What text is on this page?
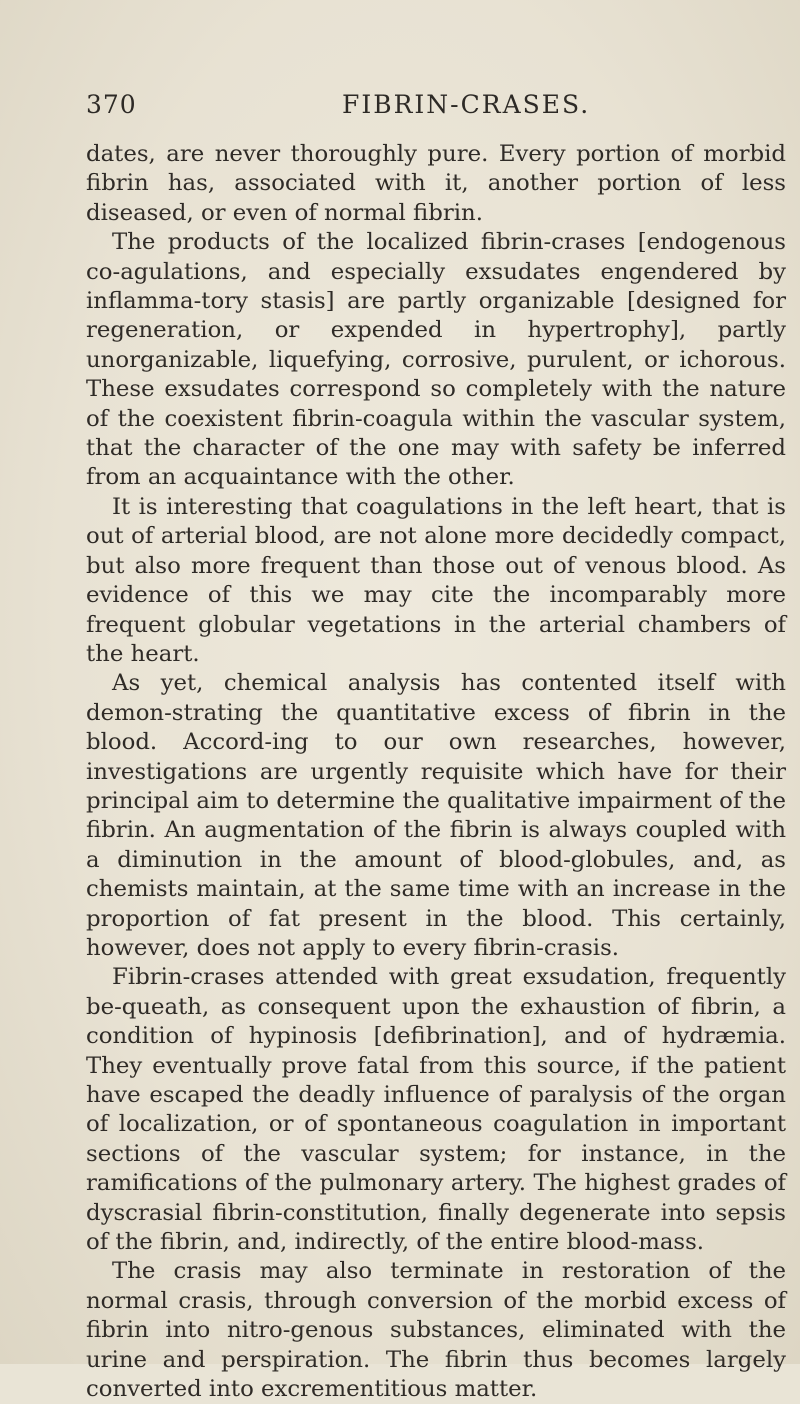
370	FIBRIN-CRASES.

dates, are never thoroughly pure. Every portion of morbid fibrin has, associated with it, another portion of less diseased, or even of normal fibrin.

The products of the localized fibrin-crases [endogenous co-agulations, and especially exsudates engendered by inflamma-tory stasis] are partly organizable [designed for regeneration, or expended in hypertrophy], partly unorganizable, liquefying, corrosive, purulent, or ichorous. These exsudates correspond so completely with the nature of the coexistent fibrin-coagula within the vascular system, that the character of the one may with safety be inferred from an acquaintance with the other.

It is interesting that coagulations in the left heart, that is out of arterial blood, are not alone more decidedly compact, but also more frequent than those out of venous blood. As evidence of this we may cite the incomparably more frequent globular vegetations in the arterial chambers of the heart.

As yet, chemical analysis has contented itself with demon-strating the quantitative excess of fibrin in the blood. Accord-ing to our own researches, however, investigations are urgently requisite which have for their principal aim to determine the qualitative impairment of the fibrin. An augmentation of the fibrin is always coupled with a diminution in the amount of blood-globules, and, as chemists maintain, at the same time with an increase in the proportion of fat present in the blood. This certainly, however, does not apply to every fibrin-crasis.

Fibrin-crases attended with great exsudation, frequently be-queath, as consequent upon the exhaustion of fibrin, a condition of hypinosis [defibrination], and of hydræmia. They eventually prove fatal from this source, if the patient have escaped the deadly influence of paralysis of the organ of localization, or of spontaneous coagulation in important sections of the vascular system; for instance, in the ramifications of the pulmonary artery. The highest grades of dyscrasial fibrin-constitution, finally degenerate into sepsis of the fibrin, and, indirectly, of the entire blood-mass.

The crasis may also terminate in restoration of the normal crasis, through conversion of the morbid excess of fibrin into nitro-genous substances, eliminated with the urine and perspiration. The fibrin thus becomes largely converted into excrementitious matter.
